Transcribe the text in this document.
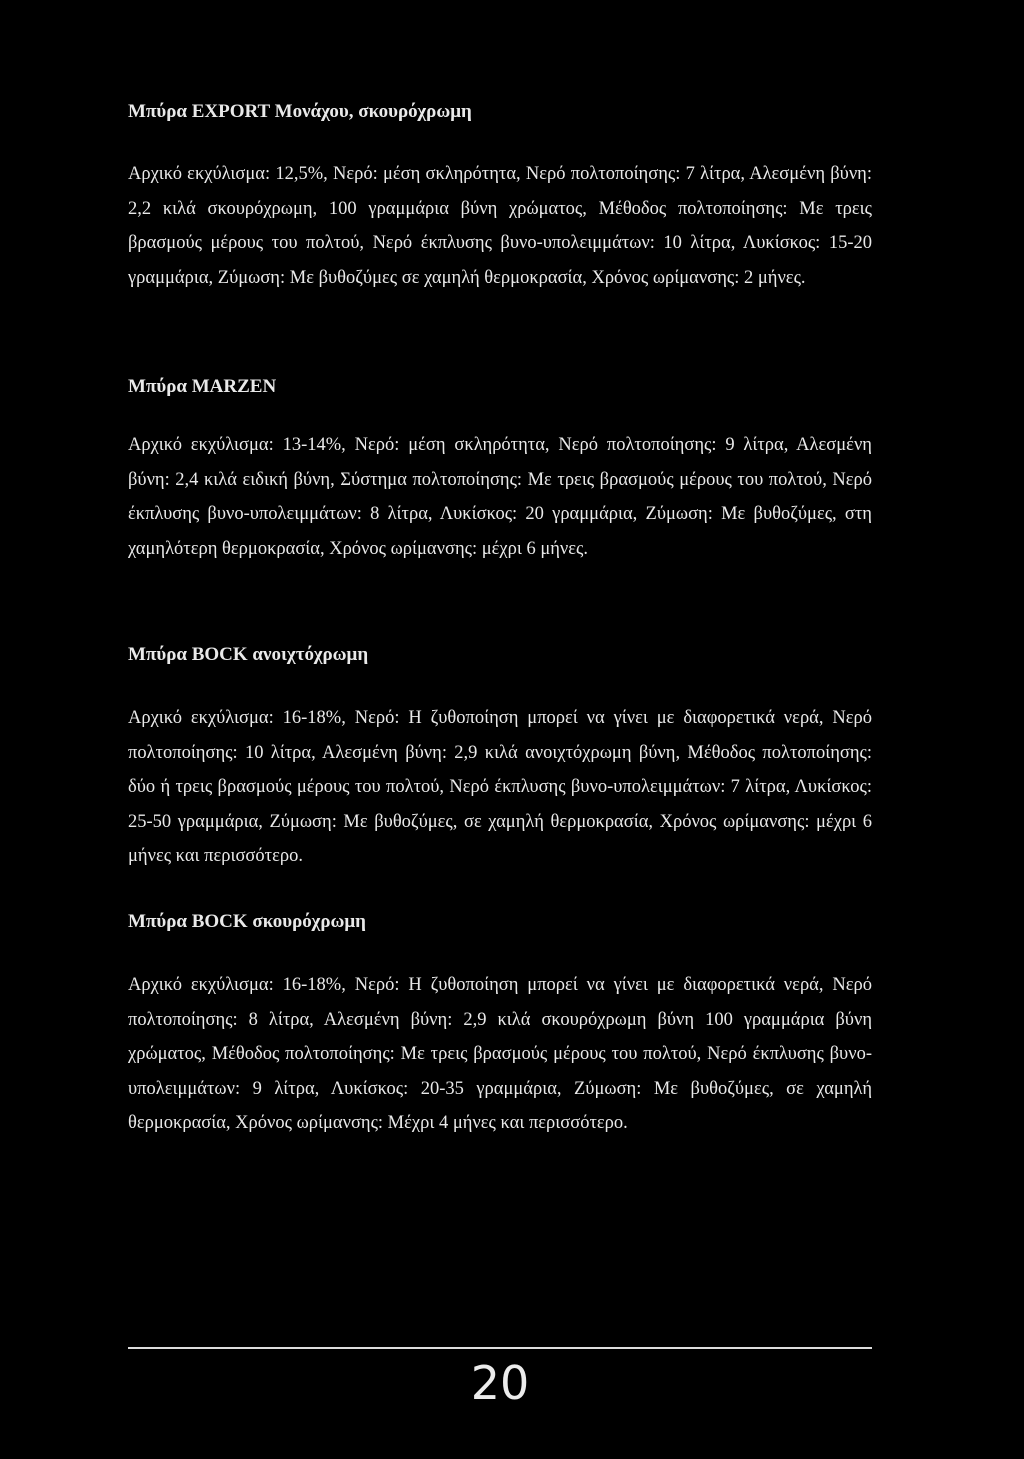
Μπύρα EXPORT Μονάχου, σκουρόχρωμη

Αρχικό εκχύλισμα: 12,5%, Νερό: μέση σκληρότητα, Νερό πολτοποίησης: 7 λίτρα, Αλεσμένη βύνη: 2,2 κιλά σκουρόχρωμη, 100 γραμμάρια βύνη χρώματος, Μέθοδος πολτοποίησης: Με τρεις βρασμούς μέρους του πολτού, Νερό έκπλυσης βυνο-υπολειμμάτων: 10 λίτρα, Λυκίσκος: 15-20 γραμμάρια, Ζύμωση: Με βυθοζύμες σε χαμηλή θερμοκρασία, Χρόνος ωρίμανσης: 2 μήνες.

Μπύρα MARZEN

Αρχικό εκχύλισμα: 13-14%, Νερό: μέση σκληρότητα, Νερό πολτοποίησης: 9 λίτρα, Αλεσμένη βύνη: 2,4 κιλά ειδική βύνη, Σύστημα πολτοποίησης: Με τρεις βρασμούς μέρους του πολτού, Νερό έκπλυσης βυνο-υπολειμμάτων: 8 λίτρα, Λυκίσκος: 20 γραμμάρια, Ζύμωση: Με βυθοζύμες, στη χαμηλότερη θερμοκρασία, Χρόνος ωρίμανσης: μέχρι 6 μήνες.

Μπύρα BOCK ανοιχτόχρωμη

Αρχικό εκχύλισμα: 16-18%, Νερό: Η ζυθοποίηση μπορεί να γίνει με διαφορετικά νερά, Νερό πολτοποίησης: 10 λίτρα, Αλεσμένη βύνη: 2,9 κιλά ανοιχτόχρωμη βύνη, Μέθοδος πολτοποίησης: δύο ή τρεις βρασμούς μέρους του πολτού, Νερό έκπλυσης βυνο-υπολειμμάτων: 7 λίτρα, Λυκίσκος: 25-50 γραμμάρια, Ζύμωση: Με βυθοζύμες, σε χαμηλή θερμοκρασία, Χρόνος ωρίμανσης: μέχρι 6 μήνες και περισσότερο.

Μπύρα BOCK σκουρόχρωμη

Αρχικό εκχύλισμα: 16-18%, Νερό: Η ζυθοποίηση μπορεί να γίνει με διαφορετικά νερά, Νερό πολτοποίησης: 8 λίτρα, Αλεσμένη βύνη: 2,9 κιλά σκουρόχρωμη βύνη 100 γραμμάρια βύνη χρώματος, Μέθοδος πολτοποίησης: Με τρεις βρασμούς μέρους του πολτού, Νερό έκπλυσης βυνο-υπολειμμάτων: 9 λίτρα, Λυκίσκος: 20-35 γραμμάρια, Ζύμωση: Με βυθοζύμες, σε χαμηλή θερμοκρασία, Χρόνος ωρίμανσης: Μέχρι 4 μήνες και περισσότερο.

20
